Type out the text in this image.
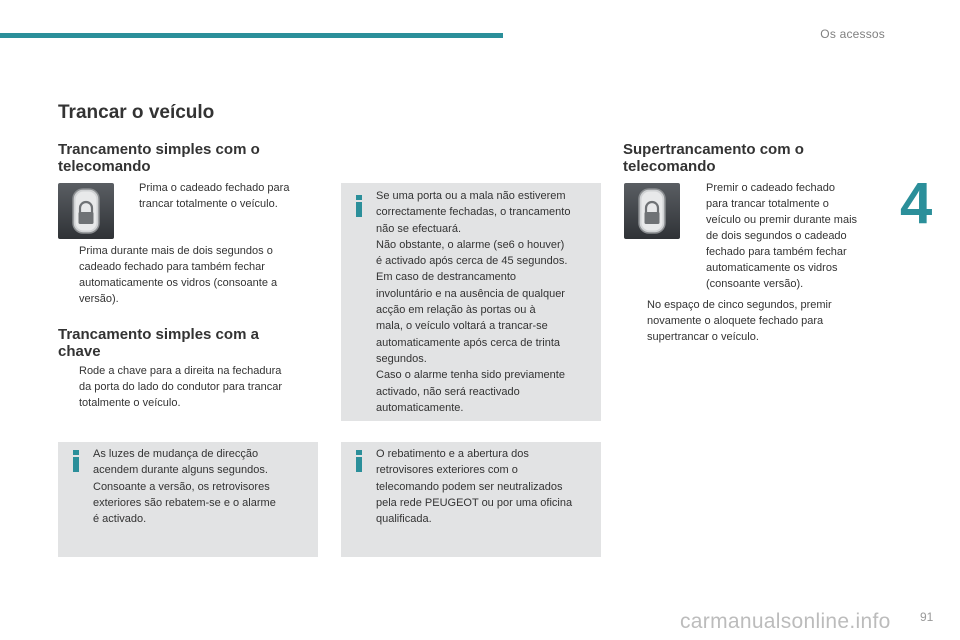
Os acessos
4
Trancar o veículo
Trancamento simples com o
telecomando
Prima o cadeado fechado para
trancar totalmente o veículo.
Prima durante mais de dois segundos o
cadeado fechado para também fechar
automaticamente os vidros (consoante a
versão).
Trancamento simples com a
chave
Rode a chave para a direita na fechadura
da porta do lado do condutor para trancar
totalmente o veículo.
As luzes de mudança de direcção
acendem durante alguns segundos.
Consoante a versão, os retrovisores
exteriores são rebatem-se e o alarme
é activado.
Se uma porta ou a mala não estiverem
correctamente fechadas, o trancamento
não se efectuará.
Não obstante, o alarme (se6 o houver)
é activado após cerca de 45 segundos.
Em caso de destrancamento
involuntário e na ausência de qualquer
acção em relação às portas ou à
mala, o veículo voltará a trancar-se
automaticamente após cerca de trinta
segundos.
Caso o alarme tenha sido previamente
activado, não será reactivado
automaticamente.
O rebatimento e a abertura dos
retrovisores exteriores com o
telecomando podem ser neutralizados
pela rede PEUGEOT ou por uma oficina
qualificada.
Supertrancamento com o
telecomando
Premir o cadeado fechado
para trancar totalmente o
veículo ou premir durante mais
de dois segundos o cadeado
fechado para também fechar
automaticamente os vidros
(consoante versão).
No espaço de cinco segundos, premir
novamente o aloquete fechado para
supertrancar o veículo.
carmanualsonline.info 91
